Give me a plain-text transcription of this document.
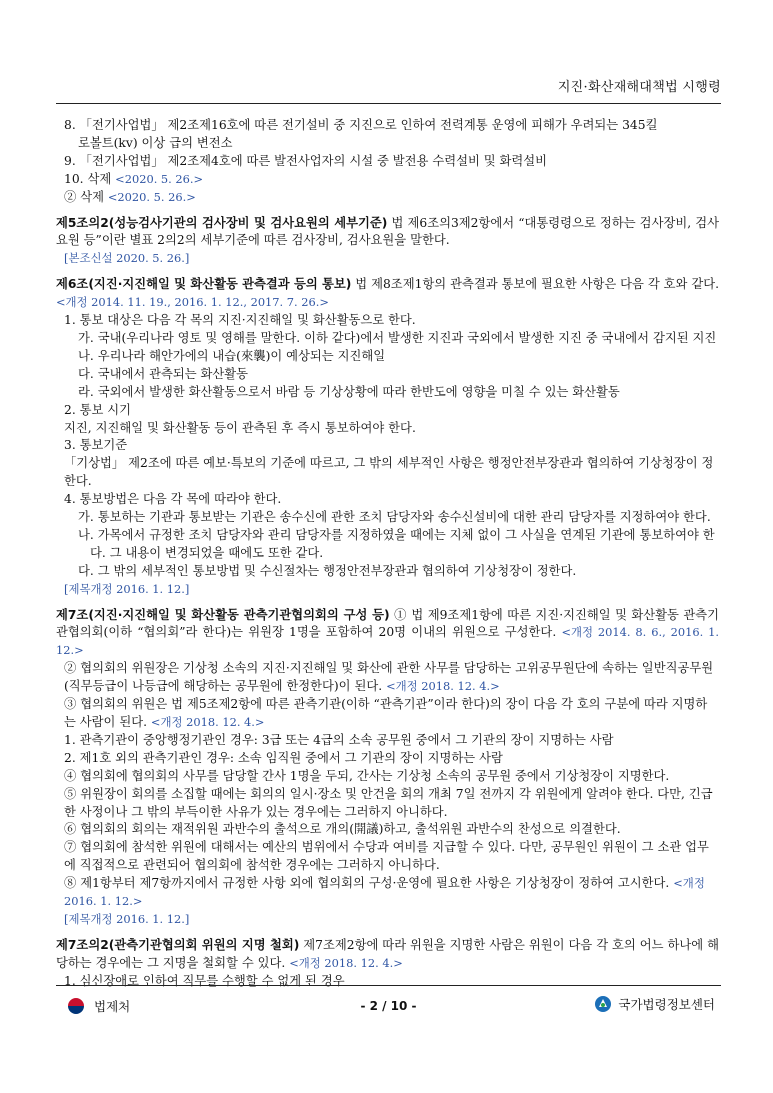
지진·화산재해대책법 시행령

8. 「전기사업법」 제2조제16호에 따른 전기설비 중 지진으로 인하여 전력계통 운영에 피해가 우려되는 345킬

로볼트(kv) 이상 급의 변전소

9. 「전기사업법」 제2조제4호에 따른 발전사업자의 시설 중 발전용 수력설비 및 화력설비

10. 삭제 <2020. 5. 26.>

② 삭제 <2020. 5. 26.>

제5조의2(성능검사기관의 검사장비 및 검사요원의 세부기준) 법 제6조의3제2항에서 “대통령령으로 정하는 검사장비, 검사요원 등”이란 별표 2의2의 세부기준에 따른 검사장비, 검사요원을 말한다.

[본조신설 2020. 5. 26.]

제6조(지진·지진해일 및 화산활동 관측결과 등의 통보) 법 제8조제1항의 관측결과 통보에 필요한 사항은 다음 각 호와 같다. <개정 2014. 11. 19., 2016. 1. 12., 2017. 7. 26.>

1. 통보 대상은 다음 각 목의 지진·지진해일 및 화산활동으로 한다.

가. 국내(우리나라 영토 및 영해를 말한다. 이하 같다)에서 발생한 지진과 국외에서 발생한 지진 중 국내에서 감지된 지진

나. 우리나라 해안가에의 내습(來襲)이 예상되는 지진해일

다. 국내에서 관측되는 화산활동

라. 국외에서 발생한 화산활동으로서 바람 등 기상상황에 따라 한반도에 영향을 미칠 수 있는 화산활동

2. 통보 시기

지진, 지진해일 및 화산활동 등이 관측된 후 즉시 통보하여야 한다.

3. 통보기준

「기상법」 제2조에 따른 예보·특보의 기준에 따르고, 그 밖의 세부적인 사항은 행정안전부장관과 협의하여 기상청장이 정한다.

4. 통보방법은 다음 각 목에 따라야 한다.

가. 통보하는 기관과 통보받는 기관은 송수신에 관한 조치 담당자와 송수신설비에 대한 관리 담당자를 지정하여야 한다.

나. 가목에서 규정한 조치 담당자와 관리 담당자를 지정하였을 때에는 지체 없이 그 사실을 연계된 기관에 통보하여야 한다. 그 내용이 변경되었을 때에도 또한 같다.

다. 그 밖의 세부적인 통보방법 및 수신절차는 행정안전부장관과 협의하여 기상청장이 정한다.

[제목개정 2016. 1. 12.]

제7조(지진·지진해일 및 화산활동 관측기관협의회의 구성 등) ① 법 제9조제1항에 따른 지진·지진해일 및 화산활동 관측기관협의회(이하 “협의회”라 한다)는 위원장 1명을 포함하여 20명 이내의 위원으로 구성한다. <개정 2014. 8. 6., 2016. 1. 12.>

② 협의회의 위원장은 기상청 소속의 지진·지진해일 및 화산에 관한 사무를 담당하는 고위공무원단에 속하는 일반직공무원(직무등급이 나등급에 해당하는 공무원에 한정한다)이 된다. <개정 2018. 12. 4.>

③ 협의회의 위원은 법 제5조제2항에 따른 관측기관(이하 “관측기관”이라 한다)의 장이 다음 각 호의 구분에 따라 지명하는 사람이 된다. <개정 2018. 12. 4.>

1. 관측기관이 중앙행정기관인 경우: 3급 또는 4급의 소속 공무원 중에서 그 기관의 장이 지명하는 사람

2. 제1호 외의 관측기관인 경우: 소속 임직원 중에서 그 기관의 장이 지명하는 사람

④ 협의회에 협의회의 사무를 담당할 간사 1명을 두되, 간사는 기상청 소속의 공무원 중에서 기상청장이 지명한다.

⑤ 위원장이 회의를 소집할 때에는 회의의 일시·장소 및 안건을 회의 개최 7일 전까지 각 위원에게 알려야 한다. 다만, 긴급한 사정이나 그 밖의 부득이한 사유가 있는 경우에는 그러하지 아니하다.

⑥ 협의회의 회의는 재적위원 과반수의 출석으로 개의(開議)하고, 출석위원 과반수의 찬성으로 의결한다.

⑦ 협의회에 참석한 위원에 대해서는 예산의 범위에서 수당과 여비를 지급할 수 있다. 다만, 공무원인 위원이 그 소관 업무에 직접적으로 관련되어 협의회에 참석한 경우에는 그러하지 아니하다.

⑧ 제1항부터 제7항까지에서 규정한 사항 외에 협의회의 구성·운영에 필요한 사항은 기상청장이 정하여 고시한다. <개정 2016. 1. 12.>

[제목개정 2016. 1. 12.]

제7조의2(관측기관협의회 위원의 지명 철회) 제7조제2항에 따라 위원을 지명한 사람은 위원이 다음 각 호의 어느 하나에 해당하는 경우에는 그 지명을 철회할 수 있다. <개정 2018. 12. 4.>

1. 심신장애로 인하여 직무를 수행할 수 없게 된 경우

법제처	- 2 / 10 -	국가법령정보센터
